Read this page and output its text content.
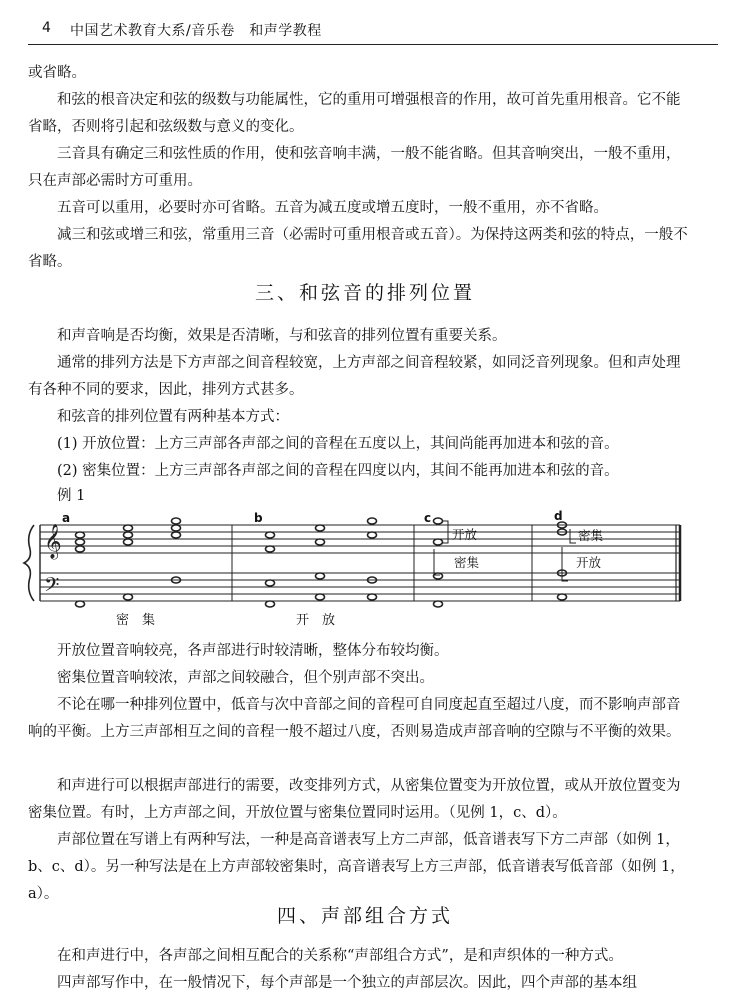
4 中国艺术教育大系/音乐卷　和声学教程
或省略。
和弦的根音决定和弦的级数与功能属性，它的重用可增强根音的作用，故可首先重用根音。它不能省略，否则将引起和弦级数与意义的变化。
三音具有确定三和弦性质的作用，使和弦音响丰满，一般不能省略。但其音响突出，一般不重用，只在声部必需时方可重用。
五音可以重用，必要时亦可省略。五音为减五度或增五度时，一般不重用，亦不省略。
减三和弦或增三和弦，常重用三音（必需时可重用根音或五音）。为保持这两类和弦的特点，一般不省略。
三、和弦音的排列位置
和声音响是否均衡，效果是否清晰，与和弦音的排列位置有重要关系。
通常的排列方法是下方声部之间音程较宽，上方声部之间音程较紧，如同泛音列现象。但和声处理有各种不同的要求，因此，排列方式甚多。
和弦音的排列位置有两种基本方式：
(1) 开放位置：上方三声部各声部之间的音程在五度以上，其间尚能再加进本和弦的音。
(2) 密集位置：上方三声部各声部之间的音程在四度以内，其间不能再加进本和弦的音。
例 1
𝄞
𝄢
a	b	c	d
开放
密集
密集
开放
密　集	开　放
开放位置音响较亮，各声部进行时较清晰，整体分布较均衡。
密集位置音响较浓，声部之间较融合，但个别声部不突出。
不论在哪一种排列位置中，低音与次中音部之间的音程可自同度起直至超过八度，而不影响声部音响的平衡。上方三声部相互之间的音程一般不超过八度，否则易造成声部音响的空隙与不平衡的效果。
和声进行可以根据声部进行的需要，改变排列方式，从密集位置变为开放位置，或从开放位置变为密集位置。有时，上方声部之间，开放位置与密集位置同时运用。（见例 1，c、d）。
声部位置在写谱上有两种写法，一种是高音谱表写上方二声部，低音谱表写下方二声部（如例 1，b、c、d）。另一种写法是在上方声部较密集时，高音谱表写上方三声部，低音谱表写低音部（如例 1，a）。
四、声部组合方式
在和声进行中，各声部之间相互配合的关系称“声部组合方式”，是和声织体的一种方式。
四声部写作中，在一般情况下，每个声部是一个独立的声部层次。因此，四个声部的基本组
